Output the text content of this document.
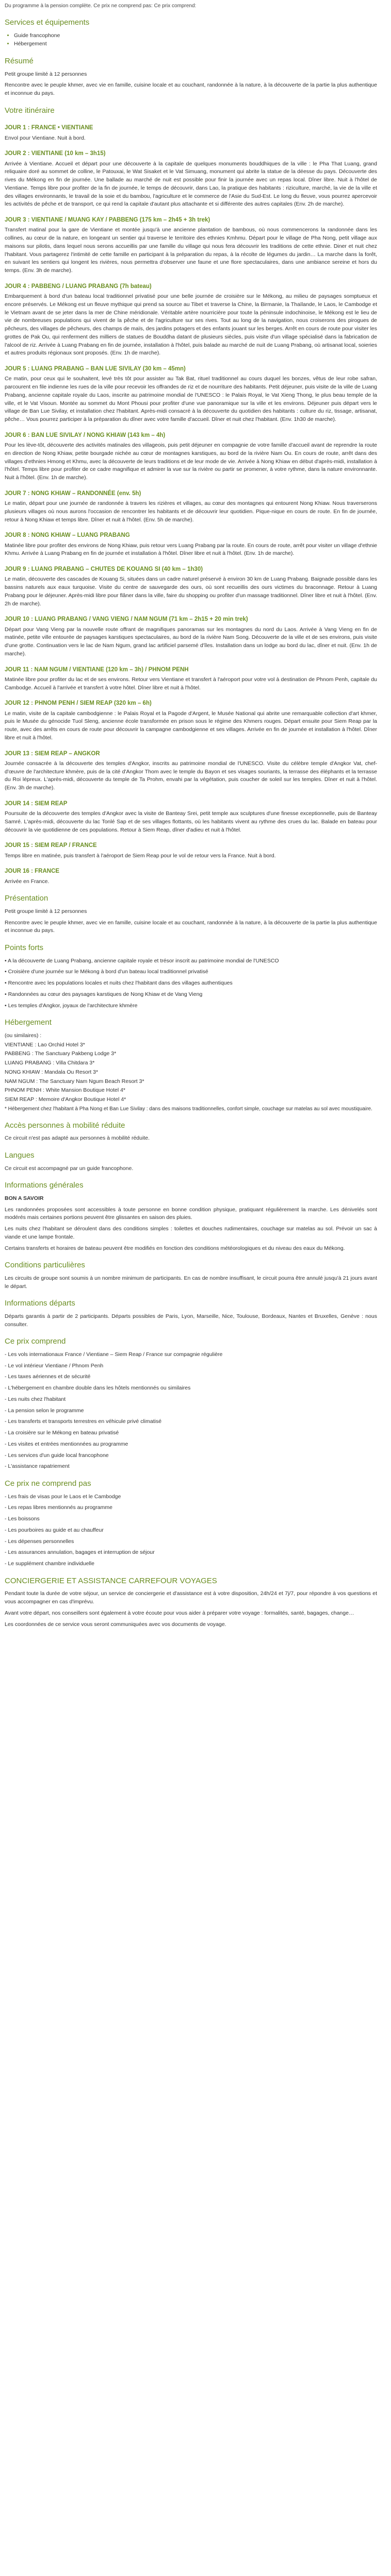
Du programme à la pension complète. Ce prix ne comprend pas: Ce prix comprend:

Services et équipements
• Guide francophone
• Hébergement
Résumé

Petit groupe limité à 12 personnes

Rencontre avec le peuple khmer, avec vie en famille, cuisine locale et au couchant, randonnée à la nature, à la découverte de la partie la plus authentique et inconnue du pays.

Votre itinéraire
JOUR 1 : FRANCE • VIENTIANE

Envol pour Vientiane. Nuit à bord.

JOUR 2 : VIENTIANE (10 km – 3h15)

Arrivée à Vientiane. Accueil et départ pour une découverte à la capitale de quelques monuments bouddhiques de la ville : le Pha That Luang, grand reliquaire doré au sommet de colline, le Patouxai, le Wat Sisaket et le Vat Simuang, monument qui abrite la statue de la déesse du pays. Découverte des rives du Mékong en fin de journée. Une ballade au marché de nuit est possible pour finir la journée avec un repas local. Dîner libre. Nuit à l'hôtel de Vientiane. Temps libre pour profiter de la fin de journée, le temps de découvrir, dans Lao, la pratique des habitants : riziculture, marché, la vie de la ville et des villages environnants, le travail de la soie et du bambou, l'agriculture et le commerce de l'Asie du Sud-Est. Le long du fleuve, vous pourrez apercevoir les activités de pêche et de transport, ce qui rend la capitale d'autant plus attachante et si différente des autres capitales (Env. 2h de marche).

JOUR 3 : VIENTIANE / MUANG KAY / PABBENG (175 km – 2h45 + 3h trek)

Transfert matinal pour la gare de Vientiane et montée jusqu'à une ancienne plantation de bambous, où nous commencerons la randonnée dans les collines, au cœur de la nature, en longeant un sentier qui traverse le territoire des ethnies Kmhmu. Départ pour le village de Pha Nong, petit village aux maisons sur pilotis, dans lequel nous serons accueillis par une famille du village qui nous fera découvrir les traditions de cette ethnie. Diner et nuit chez l'habitant. Vous partagerez l'intimité de cette famille en participant à la préparation du repas, à la récolte de légumes du jardin… La marche dans la forêt, en suivant les sentiers qui longent les rivières, nous permettra d'observer une faune et une flore spectaculaires, dans une ambiance sereine et hors du temps. (Env. 3h de marche).

JOUR 4 : PABBENG / LUANG PRABANG (7h bateau)

Embarquement à bord d'un bateau local traditionnel privatisé pour une belle journée de croisière sur le Mékong, au milieu de paysages somptueux et encore préservés. Le Mékong est un fleuve mythique qui prend sa source au Tibet et traverse la Chine, la Birmanie, la Thaïlande, le Laos, le Cambodge et le Vietnam avant de se jeter dans la mer de Chine méridionale. Véritable artère nourricière pour toute la péninsule indochinoise, le Mékong est le lieu de vie de nombreuses populations qui vivent de la pêche et de l'agriculture sur ses rives. Tout au long de la navigation, nous croiserons des pirogues de pêcheurs, des villages de pêcheurs, des champs de maïs, des jardins potagers et des enfants jouant sur les berges. Arrêt en cours de route pour visiter les grottes de Pak Ou, qui renferment des milliers de statues de Bouddha datant de plusieurs siècles, puis visite d'un village spécialisé dans la fabrication de l'alcool de riz. Arrivée à Luang Prabang en fin de journée, installation à l'hôtel, puis balade au marché de nuit de Luang Prabang, où artisanat local, soieries et autres produits régionaux sont proposés. (Env. 1h de marche).

JOUR 5 : LUANG PRABANG – BAN LUE SIVILAY (30 km – 45mn)

Ce matin, pour ceux qui le souhaitent, levé très tôt pour assister au Tak Bat, rituel traditionnel au cours duquel les bonzes, vêtus de leur robe safran, parcourent en file indienne les rues de la ville pour recevoir les offrandes de riz et de nourriture des habitants. Petit déjeuner, puis visite de la ville de Luang Prabang, ancienne capitale royale du Laos, inscrite au patrimoine mondial de l'UNESCO : le Palais Royal, le Vat Xieng Thong, le plus beau temple de la ville, et le Vat Visoun. Montée au sommet du Mont Phousi pour profiter d'une vue panoramique sur la ville et les environs. Déjeuner puis départ vers le village de Ban Lue Sivilay, et installation chez l'habitant. Après-midi consacré à la découverte du quotidien des habitants : culture du riz, tissage, artisanat, pêche… Vous pourrez participer à la préparation du dîner avec votre famille d'accueil. Dîner et nuit chez l'habitant. (Env. 1h30 de marche).

JOUR 6 : BAN LUE SIVILAY / NONG KHIAW (143 km – 4h)

Pour les lève-tôt, découverte des activités matinales des villageois, puis petit déjeuner en compagnie de votre famille d'accueil avant de reprendre la route en direction de Nong Khiaw, petite bourgade nichée au cœur de montagnes karstiques, au bord de la rivière Nam Ou. En cours de route, arrêt dans des villages d'ethnies Hmong et Khmu, avec la découverte de leurs traditions et de leur mode de vie. Arrivée à Nong Khiaw en début d'après-midi, installation à l'hôtel. Temps libre pour profiter de ce cadre magnifique et admirer la vue sur la rivière ou partir se promener, à votre rythme, dans la nature environnante. Nuit à l'hôtel. (Env. 1h de marche).

JOUR 7 : NONG KHIAW – RANDONNÉE (env. 5h)

Le matin, départ pour une journée de randonnée à travers les rizières et villages, au cœur des montagnes qui entourent Nong Khiaw. Nous traverserons plusieurs villages où nous aurons l'occasion de rencontrer les habitants et de découvrir leur quotidien. Pique-nique en cours de route. En fin de journée, retour à Nong Khiaw et temps libre. Dîner et nuit à l'hôtel. (Env. 5h de marche).

JOUR 8 : NONG KHIAW – LUANG PRABANG

Matinée libre pour profiter des environs de Nong Khiaw, puis retour vers Luang Prabang par la route. En cours de route, arrêt pour visiter un village d'ethnie Khmu. Arrivée à Luang Prabang en fin de journée et installation à l'hôtel. Dîner libre et nuit à l'hôtel. (Env. 1h de marche).

JOUR 9 : LUANG PRABANG – CHUTES DE KOUANG SI (40 km – 1h30)

Le matin, découverte des cascades de Kouang Si, situées dans un cadre naturel préservé à environ 30 km de Luang Prabang. Baignade possible dans les bassins naturels aux eaux turquoise. Visite du centre de sauvegarde des ours, où sont recueillis des ours victimes du braconnage. Retour à Luang Prabang pour le déjeuner. Après-midi libre pour flâner dans la ville, faire du shopping ou profiter d'un massage traditionnel. Dîner libre et nuit à l'hôtel. (Env. 2h de marche).

JOUR 10 : LUANG PRABANG / VANG VIENG / NAM NGUM (71 km – 2h15 + 20 min trek)

Départ pour Vang Vieng par la nouvelle route offrant de magnifiques panoramas sur les montagnes du nord du Laos. Arrivée à Vang Vieng en fin de matinée, petite ville entourée de paysages karstiques spectaculaires, au bord de la rivière Nam Song. Découverte de la ville et de ses environs, puis visite d'une grotte. Continuation vers le lac de Nam Ngum, grand lac artificiel parsemé d'îles. Installation dans un lodge au bord du lac, dîner et nuit. (Env. 1h de marche).

JOUR 11 : NAM NGUM / VIENTIANE (120 km – 3h) / PHNOM PENH

Matinée libre pour profiter du lac et de ses environs. Retour vers Vientiane et transfert à l'aéroport pour votre vol à destination de Phnom Penh, capitale du Cambodge. Accueil à l'arrivée et transfert à votre hôtel. Dîner libre et nuit à l'hôtel.

JOUR 12 : PHNOM PENH / SIEM REAP (320 km – 6h)

Le matin, visite de la capitale cambodgienne : le Palais Royal et la Pagode d'Argent, le Musée National qui abrite une remarquable collection d'art khmer, puis le Musée du génocide Tuol Sleng, ancienne école transformée en prison sous le régime des Khmers rouges. Départ ensuite pour Siem Reap par la route, avec des arrêts en cours de route pour découvrir la campagne cambodgienne et ses villages. Arrivée en fin de journée et installation à l'hôtel. Dîner libre et nuit à l'hôtel.

JOUR 13 : SIEM REAP – ANGKOR

Journée consacrée à la découverte des temples d'Angkor, inscrits au patrimoine mondial de l'UNESCO. Visite du célèbre temple d'Angkor Vat, chef-d'œuvre de l'architecture khmère, puis de la cité d'Angkor Thom avec le temple du Bayon et ses visages souriants, la terrasse des éléphants et la terrasse du Roi lépreux. L'après-midi, découverte du temple de Ta Prohm, envahi par la végétation, puis coucher de soleil sur les temples. Dîner et nuit à l'hôtel. (Env. 3h de marche).

JOUR 14 : SIEM REAP

Poursuite de la découverte des temples d'Angkor avec la visite de Banteay Srei, petit temple aux sculptures d'une finesse exceptionnelle, puis de Banteay Samré. L'après-midi, découverte du lac Tonlé Sap et de ses villages flottants, où les habitants vivent au rythme des crues du lac. Balade en bateau pour découvrir la vie quotidienne de ces populations. Retour à Siem Reap, dîner d'adieu et nuit à l'hôtel.

JOUR 15 : SIEM REAP / FRANCE

Temps libre en matinée, puis transfert à l'aéroport de Siem Reap pour le vol de retour vers la France. Nuit à bord.

JOUR 16 : FRANCE

Arrivée en France.

Présentation

Petit groupe limité à 12 personnes

Rencontre avec le peuple khmer, avec vie en famille, cuisine locale et au couchant, randonnée à la nature, à la découverte de la partie la plus authentique et inconnue du pays.

Points forts

• A la découverte de Luang Prabang, ancienne capitale royale et trésor inscrit au patrimoine mondial de l'UNESCO

• Croisière d'une journée sur le Mékong à bord d'un bateau local traditionnel privatisé

• Rencontre avec les populations locales et nuits chez l'habitant dans des villages authentiques

• Randonnées au cœur des paysages karstiques de Nong Khiaw et de Vang Vieng

• Les temples d'Angkor, joyaux de l'architecture khmère

Hébergement

(ou similaires) :

VIENTIANE : Lao Orchid Hotel 3*

PABBENG : The Sanctuary Pakbeng Lodge 3*

LUANG PRABANG : Villa Chitdara 3*

NONG KHIAW : Mandala Ou Resort 3*

NAM NGUM : The Sanctuary Nam Ngum Beach Resort 3*

PHNOM PENH : White Mansion Boutique Hotel 4*

SIEM REAP : Memoire d'Angkor Boutique Hotel 4*

* Hébergement chez l'habitant à Pha Nong et Ban Lue Sivilay : dans des maisons traditionnelles, confort simple, couchage sur matelas au sol avec moustiquaire.

Accès personnes à mobilité réduite

Ce circuit n'est pas adapté aux personnes à mobilité réduite.

Langues

Ce circuit est accompagné par un guide francophone.

Informations générales

BON A SAVOIR

Les randonnées proposées sont accessibles à toute personne en bonne condition physique, pratiquant régulièrement la marche. Les dénivelés sont modérés mais certaines portions peuvent être glissantes en saison des pluies.

Les nuits chez l'habitant se déroulent dans des conditions simples : toilettes et douches rudimentaires, couchage sur matelas au sol. Prévoir un sac à viande et une lampe frontale.

Certains transferts et horaires de bateau peuvent être modifiés en fonction des conditions météorologiques et du niveau des eaux du Mékong.

Conditions particulières

Les circuits de groupe sont soumis à un nombre minimum de participants. En cas de nombre insuffisant, le circuit pourra être annulé jusqu'à 21 jours avant le départ.

Informations départs

Départs garantis à partir de 2 participants. Départs possibles de Paris, Lyon, Marseille, Nice, Toulouse, Bordeaux, Nantes et Bruxelles, Genève : nous consulter.

Ce prix comprend

- Les vols internationaux France / Vientiane – Siem Reap / France sur compagnie régulière

- Le vol intérieur Vientiane / Phnom Penh

- Les taxes aériennes et de sécurité

- L'hébergement en chambre double dans les hôtels mentionnés ou similaires

- Les nuits chez l'habitant

- La pension selon le programme

- Les transferts et transports terrestres en véhicule privé climatisé

- La croisière sur le Mékong en bateau privatisé

- Les visites et entrées mentionnées au programme

- Les services d'un guide local francophone

- L'assistance rapatriement

Ce prix ne comprend pas

- Les frais de visas pour le Laos et le Cambodge

- Les repas libres mentionnés au programme

- Les boissons

- Les pourboires au guide et au chauffeur

- Les dépenses personnelles

- Les assurances annulation, bagages et interruption de séjour

- Le supplément chambre individuelle

CONCIERGERIE ET ASSISTANCE CARREFOUR VOYAGES

Pendant toute la durée de votre séjour, un service de conciergerie et d'assistance est à votre disposition, 24h/24 et 7j/7, pour répondre à vos questions et vous accompagner en cas d'imprévu.

Avant votre départ, nos conseillers sont également à votre écoute pour vous aider à préparer votre voyage : formalités, santé, bagages, change…

Les coordonnées de ce service vous seront communiquées avec vos documents de voyage.
